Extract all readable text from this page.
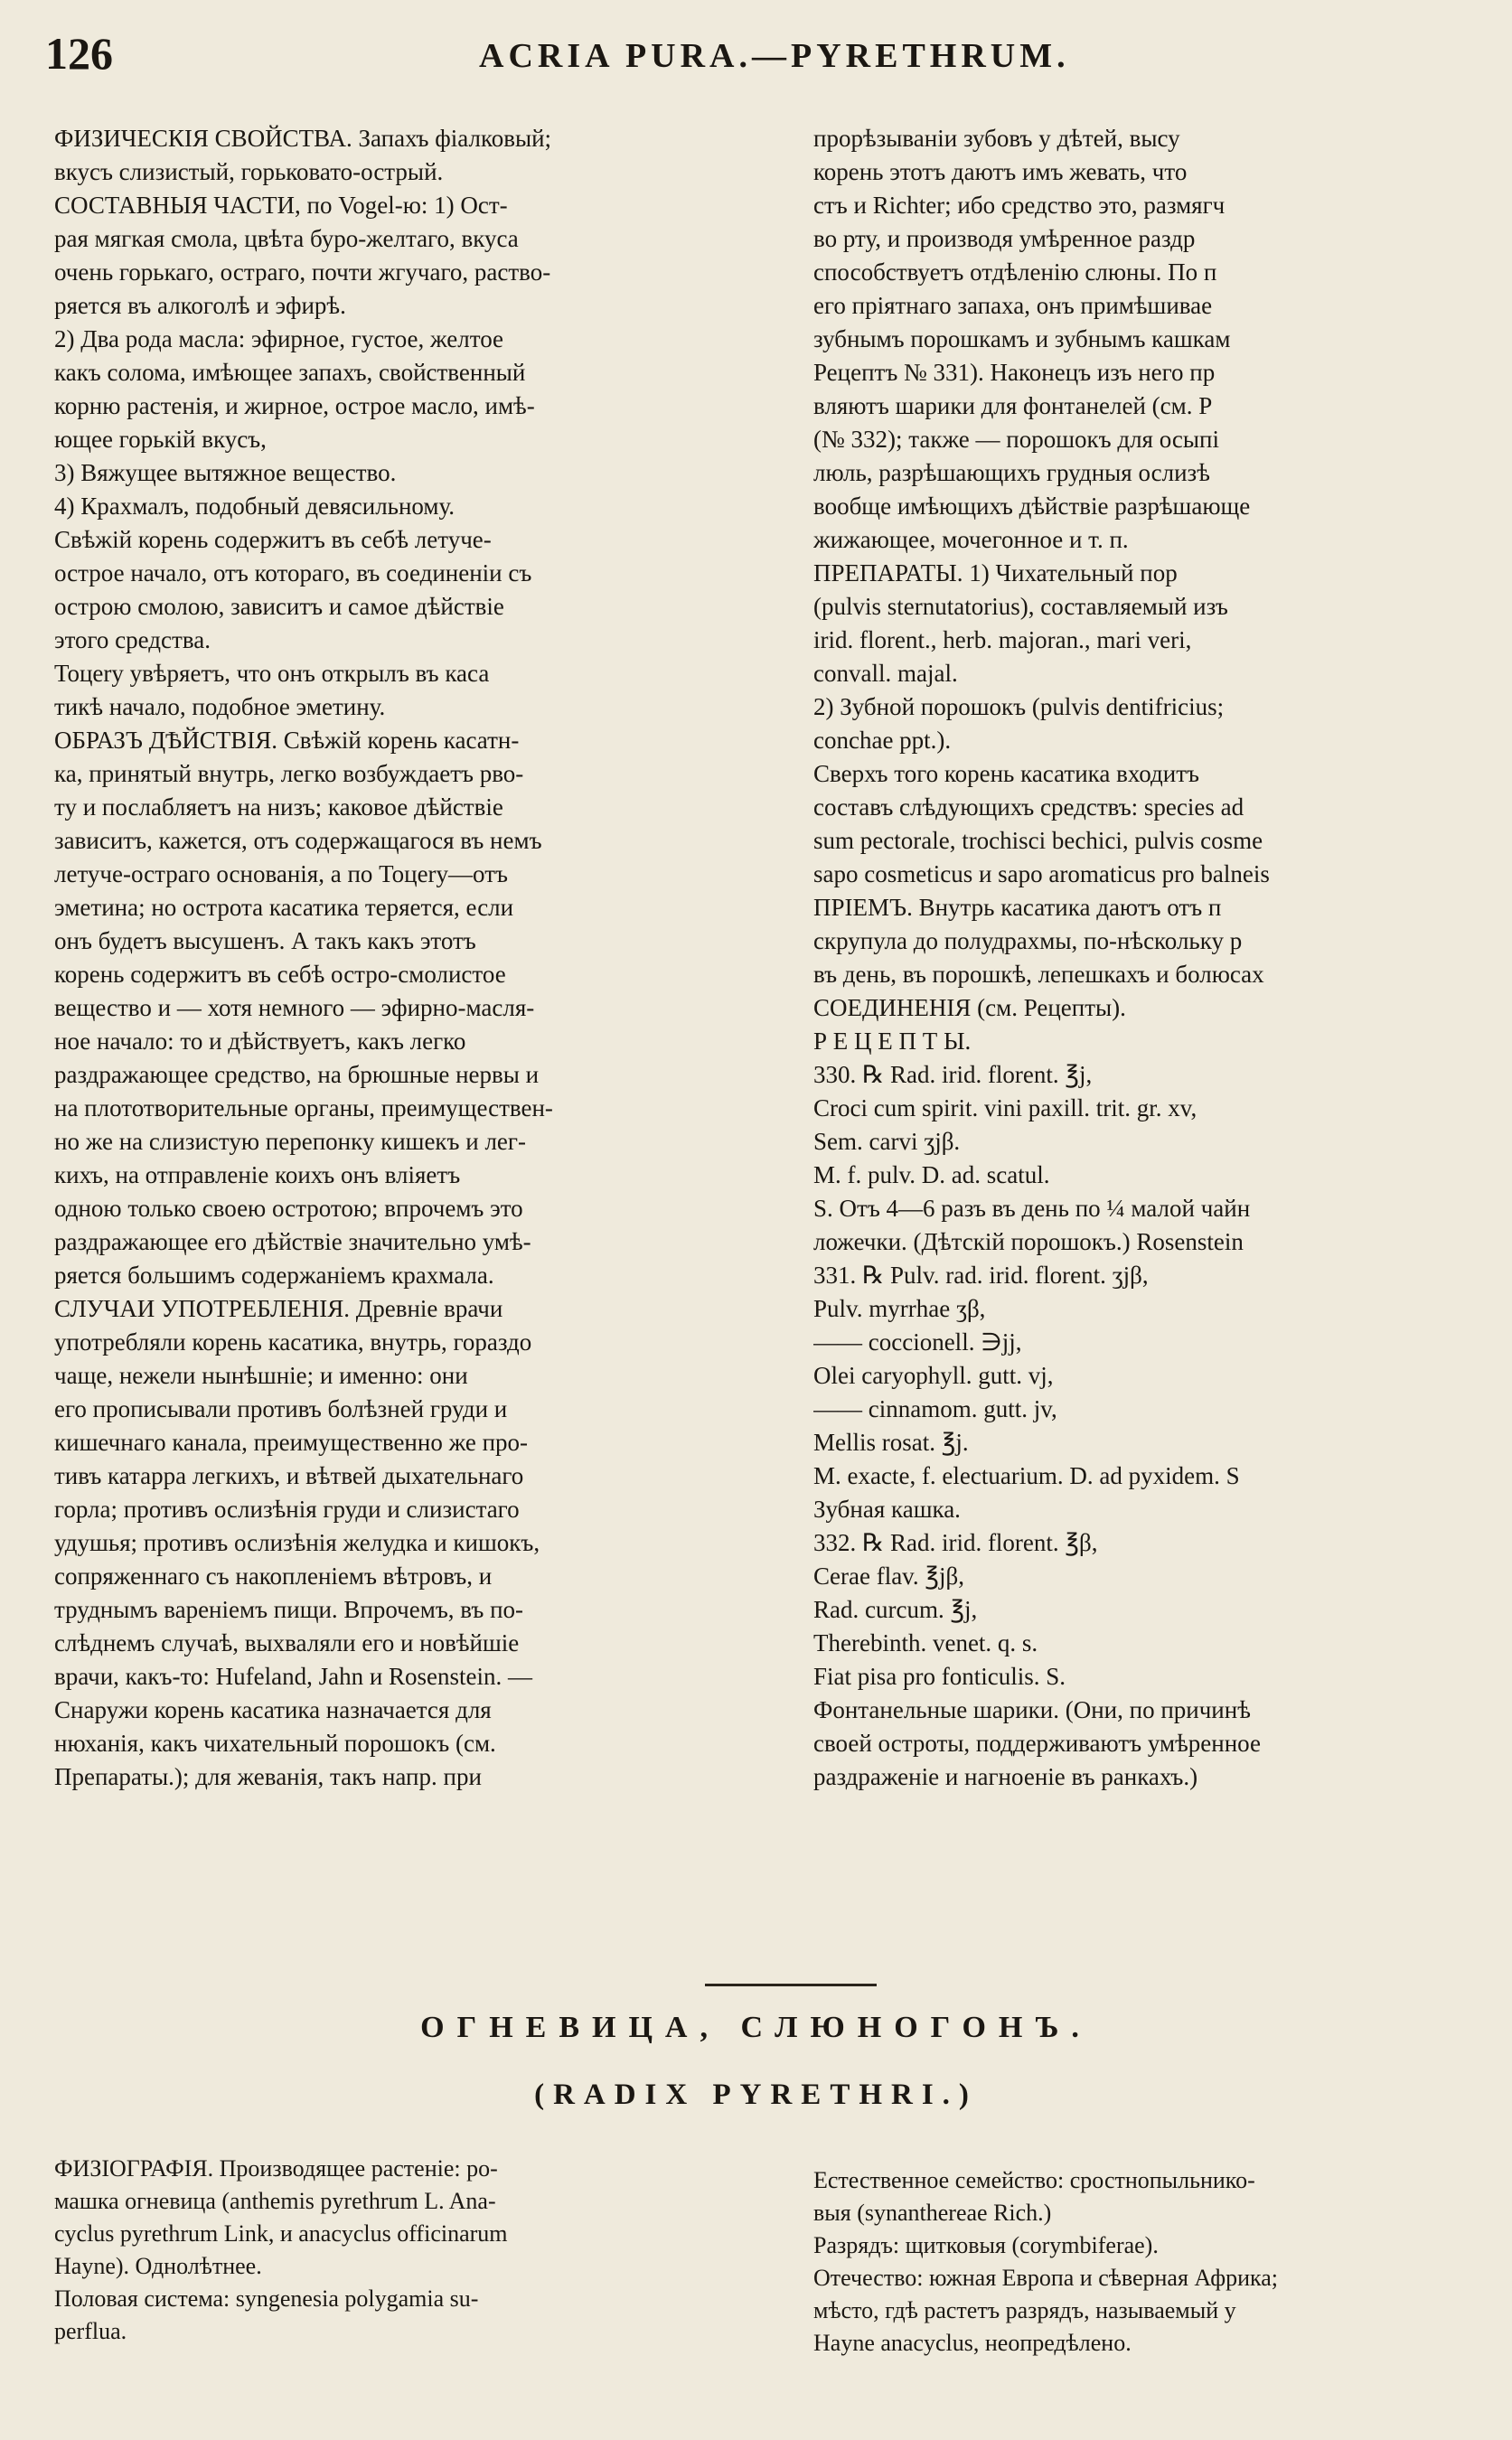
126	ACRIA PURA.—PYRETHRUM.
ФИЗИЧЕСКІЯ СВОЙСТВА. Запахъ фіалковый;
вкусъ слизистый, горьковато-острый.
СОСТАВНЫЯ ЧАСТИ, по Vogel-ю: 1) Ост-
рая мягкая смола, цвѣта буро-желтаго, вкуса
очень горькаго, остраго, почти жгучаго, раство-
ряется въ алкоголѣ и эфирѣ.
2) Два рода масла: эфирное, густое, желтое
какъ солома, имѣющее запахъ, свойственный
корню растенія, и жирное, острое масло, имѣ-
ющее горькій вкусъ,
3) Вяжущее вытяжное вещество.
4) Крахмалъ, подобный девясильному.
Свѣжій корень содержитъ въ себѣ летуче-
острое начало, отъ котораго, въ соединеніи съ
острою смолою, зависитъ и самое дѣйствіе
этого средства.
Тоцеrу увѣряетъ, что онъ открылъ въ каса
тикѣ начало, подобное эметину.
ОБРАЗЪ ДѢЙСТВІЯ. Свѣжій корень касатн-
ка, принятый внутрь, легко возбуждаетъ рво-
ту и послабляетъ на низъ; каковое дѣйствіе
зависитъ, кажется, отъ содержащагося въ немъ
летуче-остраго основанія, а по Тоцеrу—отъ
эметина; но острота касатика теряется, если
онъ будетъ высушенъ. А такъ какъ этотъ
корень содержитъ въ себѣ остро-смолистое
вещество и — хотя немного — эфирно-масля-
ное начало: то и дѣйствуетъ, какъ легко
раздражающее средство, на брюшные нервы и
на плототворительные органы, преимуществен-
но же на слизистую перепонку кишекъ и лег-
кихъ, на отправленіе коихъ онъ вліяетъ
одною только своею остротою; впрочемъ это
раздражающее его дѣйствіе значительно умѣ-
ряется большимъ содержаніемъ крахмала.
СЛУЧАИ УПОТРЕБЛЕНІЯ. Древніе врачи
употребляли корень касатика, внутрь, гораздо
чаще, нежели нынѣшніе; и именно: они
его прописывали противъ болѣзней груди и
кишечнаго канала, преимущественно же про-
тивъ катарра легкихъ, и вѣтвей дыхательнаго
горла; противъ ослизѣнія груди и слизистаго
удушья; противъ ослизѣнія желудка и кишокъ,
сопряженнаго съ накопленіемъ вѣтровъ, и
труднымъ вареніемъ пищи. Впрочемъ, въ по-
слѣднемъ случаѣ, выхваляли его и новѣйшіе
врачи, какъ-то: Hufeland, Jahn и Rosenstein. —
Снаружи корень касатика назначается для
нюханія, какъ чихательный порошокъ (см.
Препараты.); для жеванія, такъ напр. при
прорѣзываніи зубовъ у дѣтей, высу
корень этотъ даютъ имъ жевать, что
стъ и Richter; ибо средство это, размягч
во рту, и производя умѣренное раздр
способствуетъ отдѣленію слюны. По п
его пріятнаго запаха, онъ примѣшивае
зубнымъ порошкамъ и зубнымъ кашкам
Рецептъ № 331). Наконецъ изъ него пр
вляютъ шарики для фонтанелей (см. Р
(№ 332); также — порошокъ для осыпі
люль, разрѣшающихъ грудныя ослизѣ
вообще имѣющихъ дѣйствіе разрѣшающе
жижающее, мочегонное и т. п.
ПРЕПАРАТЫ. 1) Чихательный пор
(pulvis sternutatorius), составляемый изъ
irid. florent., herb. majoran., mari veri,
convall. majal.
2) Зубной порошокъ (pulvis dentifricius;
conchae ppt.).
Сверхъ того корень касатика входитъ
составъ слѣдующихъ средствъ: species ad
sum pectorale, trochisci bechici, pulvis cosme
sapo cosmeticus и sapo aromaticus pro balneis
ПРІЕМЪ. Внутрь касатика даютъ отъ п
скрупула до полудрахмы, по-нѣскольку р
въ день, въ порошкѣ, лепешкахъ и болюсах
СОЕДИНЕНІЯ (см. Рецепты).
Р Е Ц Е П Т Ы.
330. ℞ Rad. irid. florent. ℥j,
Croci cum spirit. vini paxill. trit. gr. xv,
Sem. carvi ʒjβ.
M. f. pulv. D. ad. scatul.
S. Отъ 4—6 разъ въ день по ¼ малой чайн
ложечки. (Дѣтскій порошокъ.) Rosenstein
331. ℞ Pulv. rad. irid. florent. ʒjβ,
Pulv. myrrhae ʒβ,
—— coccionell. ∋jj,
Olei caryophyll. gutt. vj,
—— cinnamom. gutt. jv,
Mellis rosat. ℥j.
M. exacte, f. electuarium. D. ad pyxidem. S
Зубная кашка.
332. ℞ Rad. irid. florent. ℥β,
Cerae flav. ℥jβ,
Rad. curcum. ℥j,
Therebinth. venet. q. s.
Fiat pisa pro fonticulis. S.
Фонтанельные шарики. (Они, по причинѣ
своей остроты, поддерживаютъ умѣренное
раздраженіе и нагноеніе въ ранкахъ.)
ОГНЕВИЦА, СЛЮНОГОНЪ.
(RADIX PYRETHRI.)
ФИЗІОГРАФІЯ. Производящее растеніе: ро-
машка огневица (anthemis pyrethrum L. Ana-
cyclus pyrethrum Link, и anacyclus officinarum
Hayne). Однолѣтнее.
Половая система: syngenesia polygamia su-
perflua.
Естественное семейство: сростнопыльнико-
выя (synanthereae Rich.)
Разрядъ: щитковыя (corymbiferae).
Отечество: южная Европа и сѣверная Африка;
мѣсто, гдѣ растетъ разрядъ, называемый у
Hayne anacyclus, неопредѣлено.
